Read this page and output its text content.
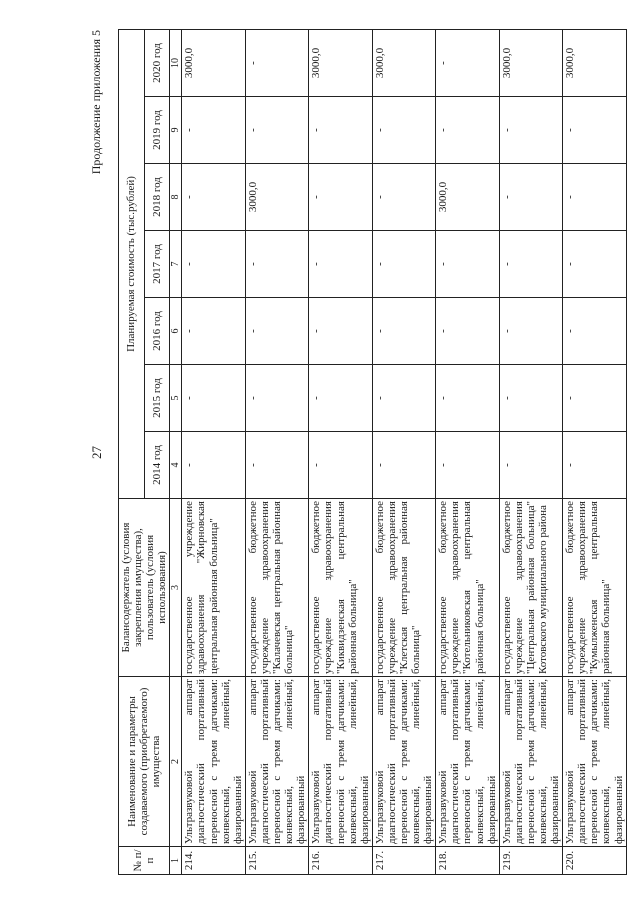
27
Продолжение приложения 5
№ п/п	Наименование и параметры создаваемого (приобретаемого) имущества	Балансодержатель (условия закрепления имущества), пользователь (условия использования)	Планируемая стоимость (тыс.рублей)						
			2014 год	2015 год	2016 год	2017 год	2018 год	2019 год	2020 год
1	2	3	4	5	6	7	8	9	10
214.	Ультразвуковой аппарат диагностический портативный переносной с тремя датчиками: конвексный, линейный, фазированный	государственное учреждение здравоохранения "Жирновская центральная районная больница"	-	-	-	-	-	-	3000,0
215.	Ультразвуковой аппарат диагностический портативный переносной с тремя датчиками: конвексный, линейный, фазированный	государственное бюджетное учреждение здравоохранения "Калачевская центральная районная больница"	-	-	-	-	3000,0	-	-
216.	Ультразвуковой аппарат диагностический портативный переносной с тремя датчиками: конвексный, линейный, фазированный	государственное бюджетное учреждение здравоохранения "Киквидзенская центральная районная больница"	-	-	-	-	-	-	3000,0
217.	Ультразвуковой аппарат диагностический портативный переносной с тремя датчиками: конвексный, линейный, фазированный	государственное бюджетное учреждение здравоохранения "Клетская центральная районная больница"	-	-	-	-	-	-	3000,0
218.	Ультразвуковой аппарат диагностический портативный переносной с тремя датчиками: конвексный, линейный, фазированный	государственное бюджетное учреждение здравоохранения "Котельниковская центральная районная больница"	-	-	-	-	3000,0	-	-
219.	Ультразвуковой аппарат диагностический портативный переносной с тремя датчиками: конвексный, линейный, фазированный	государственное бюджетное учреждение здравоохранения "Центральная районная больница" Котовского муниципального района	-	-	-	-	-	-	3000,0
220.	Ультразвуковой аппарат диагностический портативный переносной с тремя датчиками: конвексный, линейный, фазированный	государственное бюджетное учреждение здравоохранения "Кумылженская центральная районная больница"	-	-	-	-	-	-	3000,0
